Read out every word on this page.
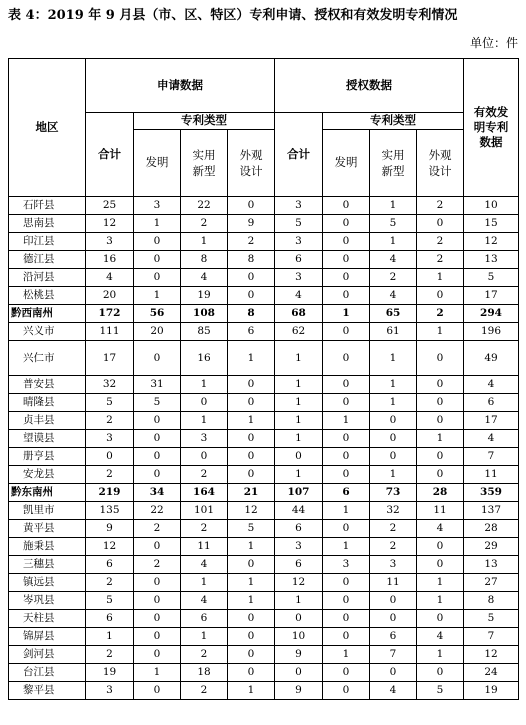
表 4：2019 年 9 月县（市、区、特区）专利申请、授权和有效发明专利情况
单位：件
地区	申请数据				授权数据				有效发明专利数据
	合计	专利类型			合计	专利类型			
		发明	实用新型	外观设计		发明	实用新型	外观设计	
石阡县	25	3	22	0	3	0	1	2	10
思南县	12	1	2	9	5	0	5	0	15
印江县	3	0	1	2	3	0	1	2	12
德江县	16	0	8	8	6	0	4	2	13
沿河县	4	0	4	0	3	0	2	1	5
松桃县	20	1	19	0	4	0	4	0	17
黔西南州	172	56	108	8	68	1	65	2	294
兴义市	111	20	85	6	62	0	61	1	196
兴仁市	17	0	16	1	1	0	1	0	49
普安县	32	31	1	0	1	0	1	0	4
晴隆县	5	5	0	0	1	0	1	0	6
贞丰县	2	0	1	1	1	1	0	0	17
望谟县	3	0	3	0	1	0	0	1	4
册亨县	0	0	0	0	0	0	0	0	7
安龙县	2	0	2	0	1	0	1	0	11
黔东南州	219	34	164	21	107	6	73	28	359
凯里市	135	22	101	12	44	1	32	11	137
黄平县	9	2	2	5	6	0	2	4	28
施秉县	12	0	11	1	3	1	2	0	29
三穗县	6	2	4	0	6	3	3	0	13
镇远县	2	0	1	1	12	0	11	1	27
岑巩县	5	0	4	1	1	0	0	1	8
天柱县	6	0	6	0	0	0	0	0	5
锦屏县	1	0	1	0	10	0	6	4	7
剑河县	2	0	2	0	9	1	7	1	12
台江县	19	1	18	0	0	0	0	0	24
黎平县	3	0	2	1	9	0	4	5	19
